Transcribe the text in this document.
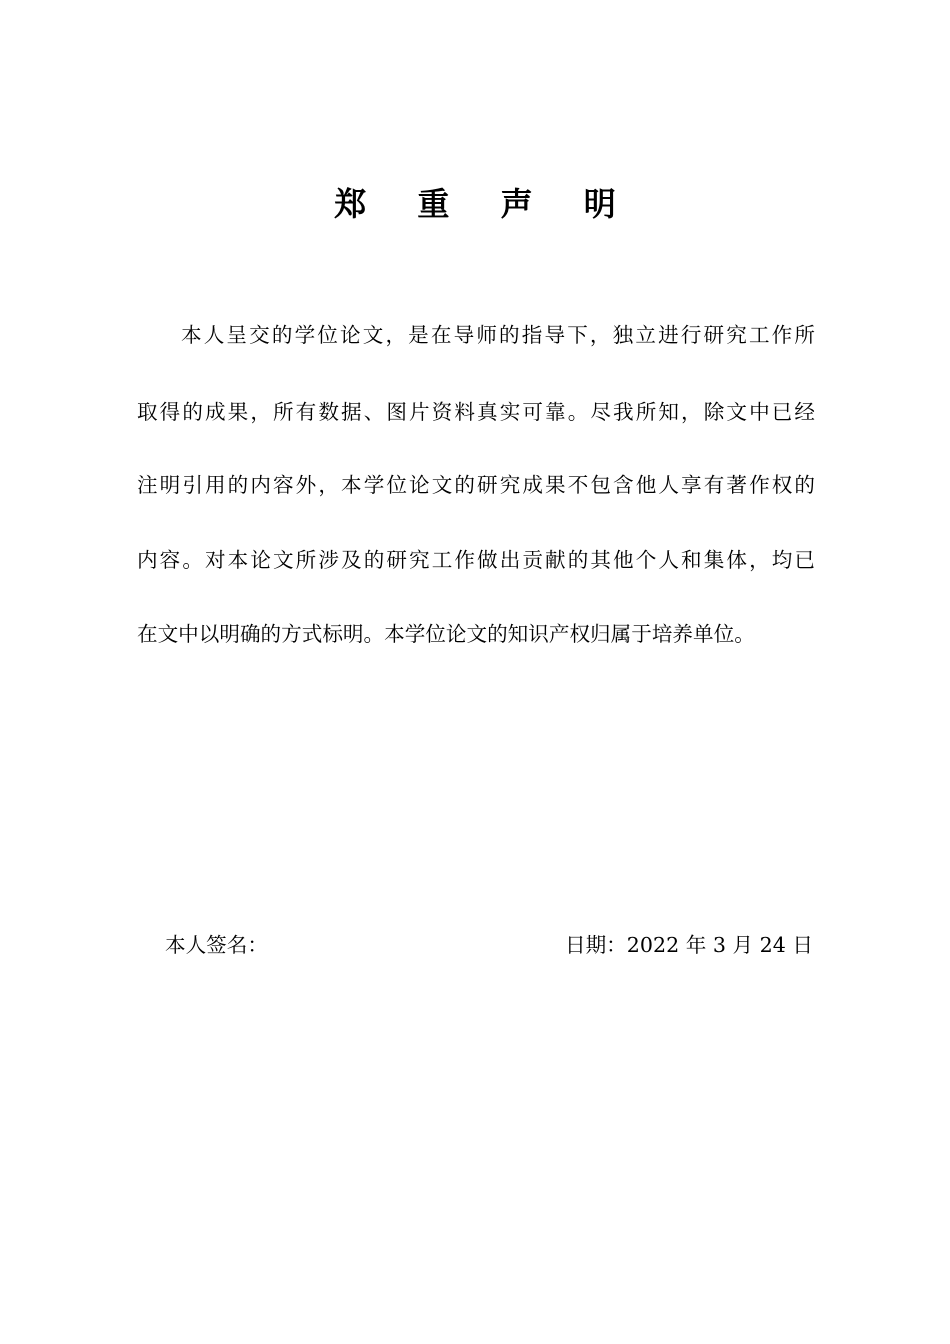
郑 重 声 明
本人呈交的学位论文，是在导师的指导下，独立进行研究工作所
取得的成果，所有数据、图片资料真实可靠。尽我所知，除文中已经
注明引用的内容外，本学位论文的研究成果不包含他人享有著作权的
内容。对本论文所涉及的研究工作做出贡献的其他个人和集体，均已
在文中以明确的方式标明。本学位论文的知识产权归属于培养单位。
本人签名：	日期：2022 年 3 月 24 日
